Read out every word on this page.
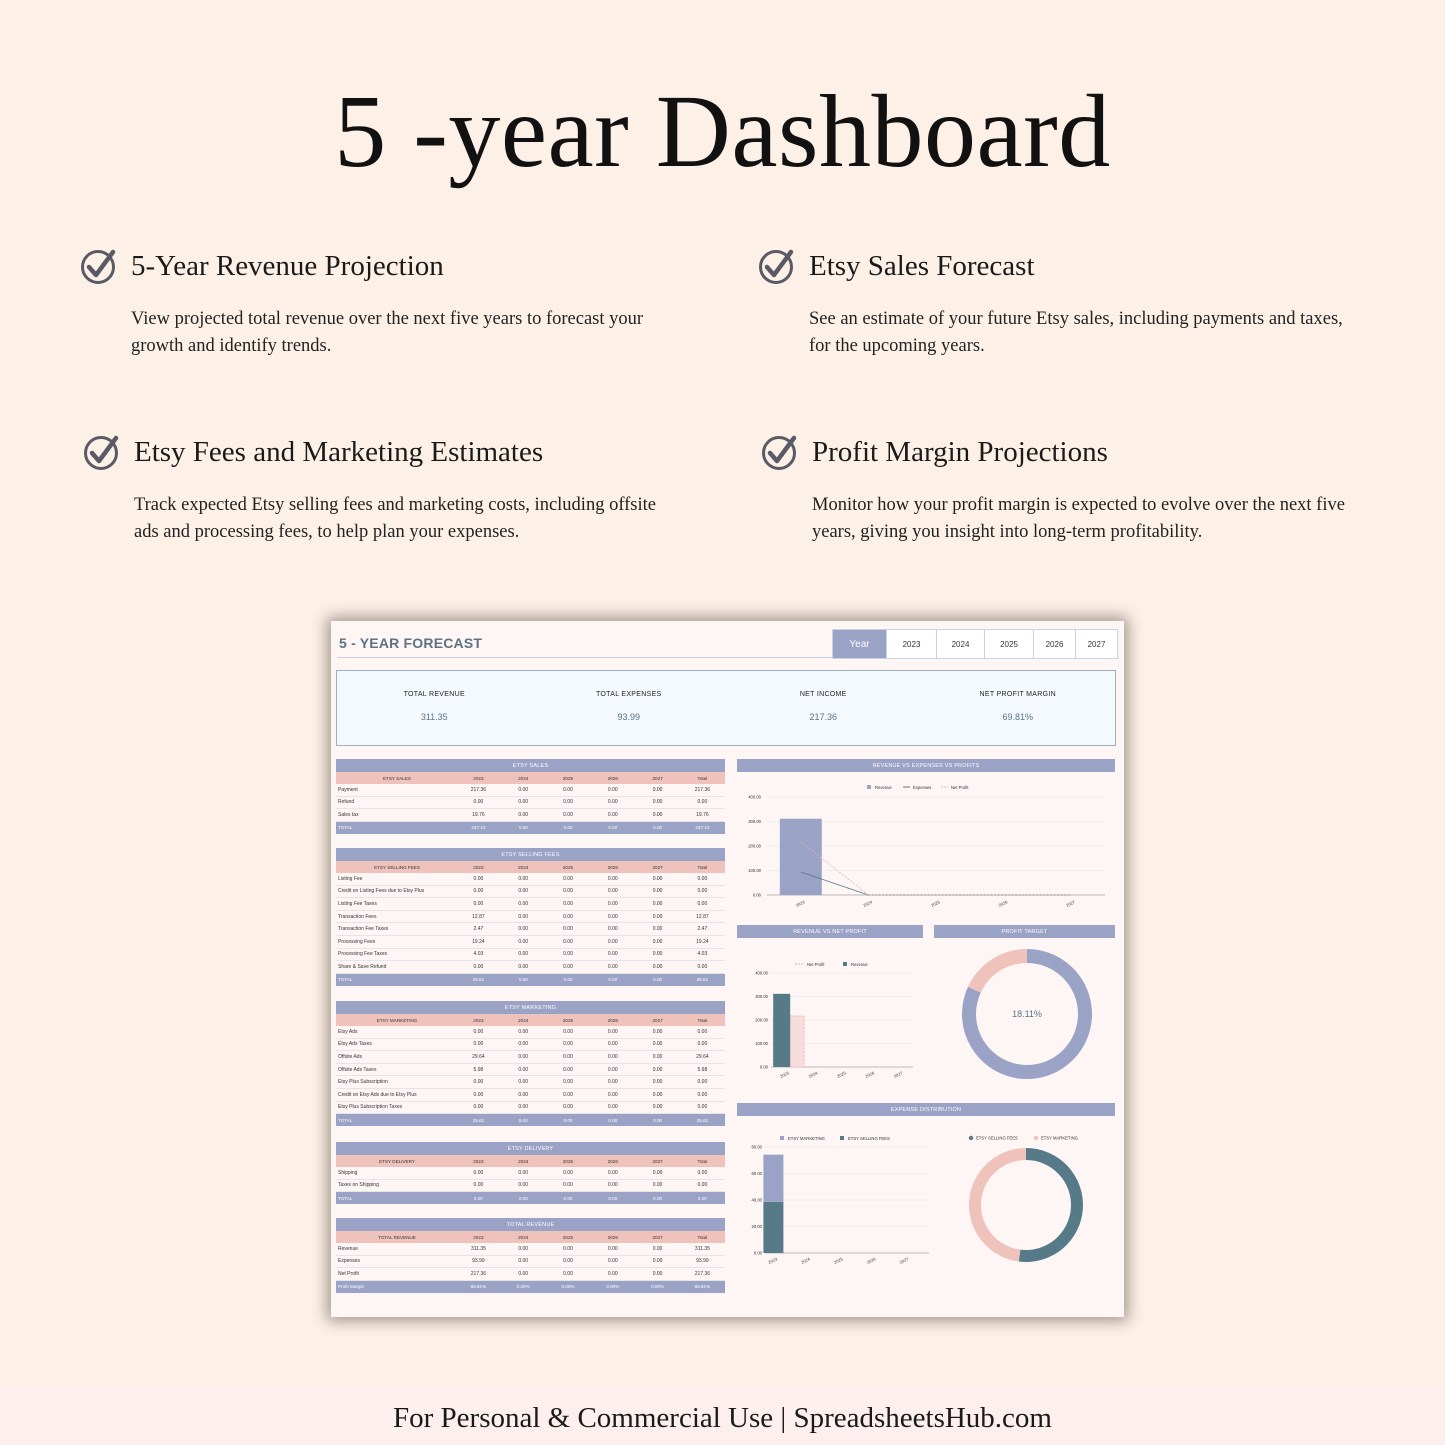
5 -year Dashboard
5-Year Revenue Projection
View projected total revenue over the next five years to forecast your growth and identify trends.
Etsy Sales Forecast
See an estimate of your future Etsy sales, including payments and taxes, for the upcoming years.
Etsy Fees and Marketing Estimates
Track expected Etsy selling fees and marketing costs, including offsite ads and processing fees, to help plan your expenses.
Profit Margin Projections
Monitor how your profit margin is expected to evolve over the next five years, giving you insight into long-term profitability.
5 - YEAR FORECAST	Year	2023	2024	2025	2026	2027
TOTAL REVENUE
311.35
TOTAL EXPENSES
93.99
NET INCOME
217.36
NET PROFIT MARGIN
69.81%
ETSY SALES
ETSY SALES	2023	2024	2025	2026	2027	Total
Payment	217.36	0.00	0.00	0.00	0.00	217.36
Refund	0.00	0.00	0.00	0.00	0.00	0.00
Sales tax	19.76	0.00	0.00	0.00	0.00	19.76
TOTAL	237.12	0.00	0.00	0.00	0.00	237.12
ETSY SELLING FEES
ETSY SELLING FEES	2023	2024	2025	2026	2027	Total
Listing Fee	0.00	0.00	0.00	0.00	0.00	0.00
Credit on Listing Fees due to Etsy Plus	0.00	0.00	0.00	0.00	0.00	0.00
Listing Fee Taxes	0.00	0.00	0.00	0.00	0.00	0.00
Transaction Fees	12.87	0.00	0.00	0.00	0.00	12.87
Transaction Fee Taxes	2.47	0.00	0.00	0.00	0.00	2.47
Processing Fees	19.24	0.00	0.00	0.00	0.00	19.24
Processing Fee Taxes	4.03	0.00	0.00	0.00	0.00	4.03
Share & Save Refund	0.00	0.00	0.00	0.00	0.00	0.00
TOTAL	38.61	0.00	0.00	0.00	0.00	38.61
ETSY MARKETING
ETSY MARKETING	2023	2024	2025	2026	2027	Total
Etsy Ads	0.00	0.00	0.00	0.00	0.00	0.00
Etsy Ads Taxes	0.00	0.00	0.00	0.00	0.00	0.00
Offsite Ads	29.64	0.00	0.00	0.00	0.00	29.64
Offsite Ads Taxes	5.98	0.00	0.00	0.00	0.00	5.98
Etsy Plus Subscription	0.00	0.00	0.00	0.00	0.00	0.00
Credit on Etsy Ads due to Etsy Plus	0.00	0.00	0.00	0.00	0.00	0.00
Etsy Plus Subscription Taxes	0.00	0.00	0.00	0.00	0.00	0.00
TOTAL	35.62	0.00	0.00	0.00	0.00	35.62
ETSY DELIVERY
ETSY DELIVERY	2023	2024	2025	2026	2027	Total
Shipping	0.00	0.00	0.00	0.00	0.00	0.00
Taxes on Shipping	0.00	0.00	0.00	0.00	0.00	0.00
TOTAL	0.00	0.00	0.00	0.00	0.00	0.00
TOTAL REVENUE
TOTAL REVENUE	2023	2024	2025	2026	2027	Total
Revenue	311.35	0.00	0.00	0.00	0.00	311.35
Expenses	93.99	0.00	0.00	0.00	0.00	93.99
Net Profit	217.36	0.00	0.00	0.00	0.00	217.36
Profit Margin	69.81%	0.00%	0.00%	0.00%	0.00%	69.81%
REVENUE VS EXPENSES VS PROFITS
Revenue	Expenses	Net Profit
0.00
100.00
200.00
300.00
400.00
2023	2024	2025	2026	2027
REVENUE VS NET PROFIT
Net Profit	Revenue
0.00
100.00
200.00
300.00
400.00
2023	2024	2025	2026	2027
PROFIT TARGET
18.11%
EXPENSE DISTRIBUTION
ETSY MARKETING	ETSY SELLING FEES
0.00
20.00
40.00
60.00
80.00
2023	2024	2025	2026	2027
ETSY SELLING FEES	ETSY MARKETING
For Personal & Commercial Use | SpreadsheetsHub.com
